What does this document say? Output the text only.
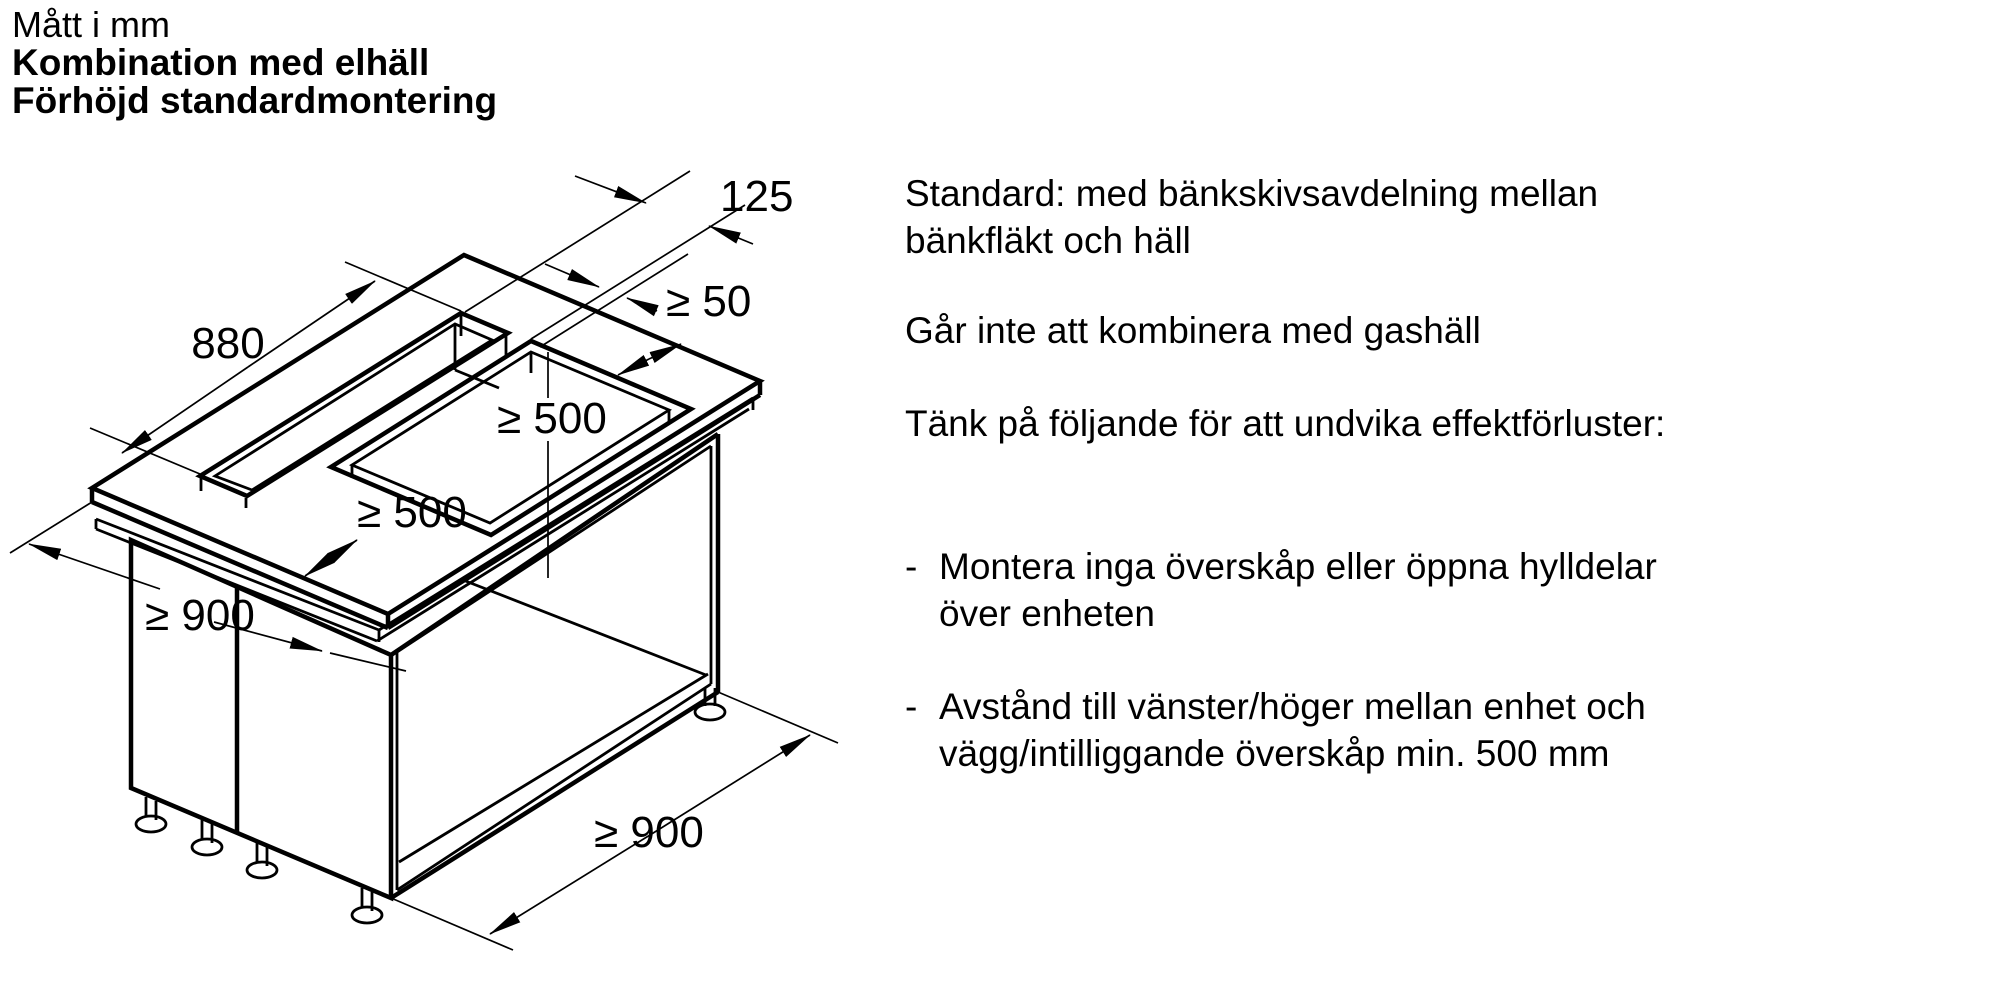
Mått i mm
Kombination med elhäll
Förhöjd standardmontering
880
125
≥ 50
≥ 500
≥ 500
≥ 900
≥ 900
Standard: med bänkskivsavdelning mellan bänkfläkt och häll
Går inte att kombinera med gashäll
Tänk på följande för att undvika effektförluster:
- Montera inga överskåp eller öppna hylldelar över enheten
- Avstånd till vänster/höger mellan enhet och vägg/intilliggande överskåp min. 500 mm
